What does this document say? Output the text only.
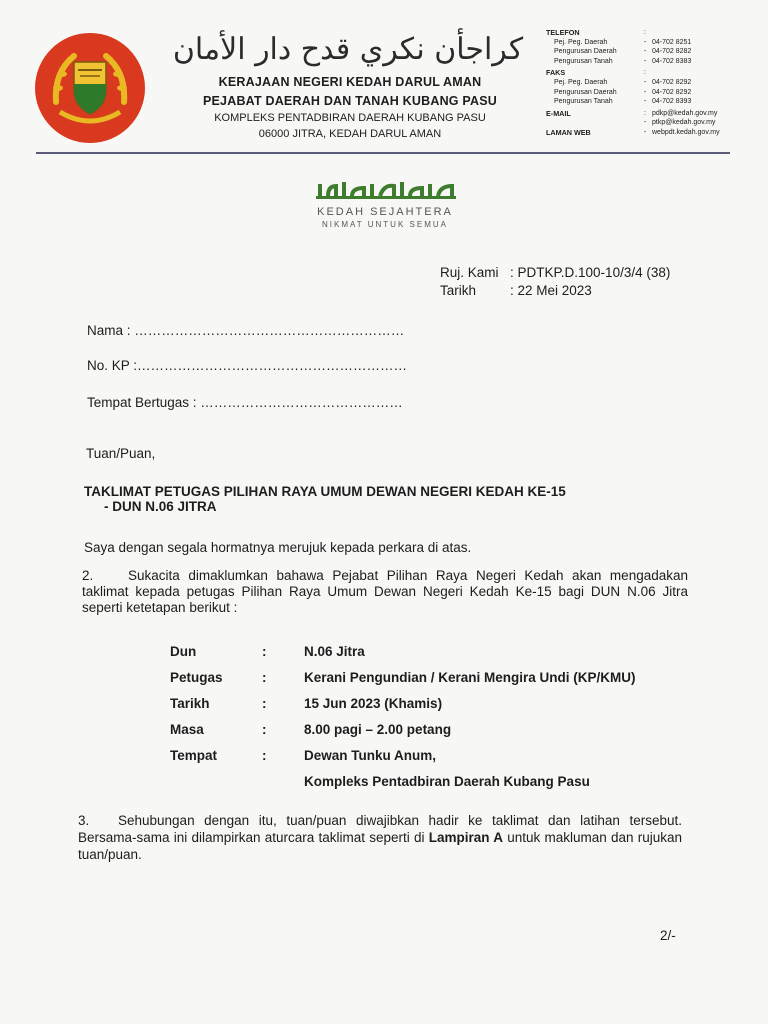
كراجأن نكري قدح دار الأمان
KERAJAAN NEGERI KEDAH DARUL AMAN
PEJABAT DAERAH DAN TANAH KUBANG PASU
KOMPLEKS PENTADBIRAN DAERAH KUBANG PASU
06000 JITRA, KEDAH DARUL AMAN
TELEFON	:
Pej. Peg. Daerah	- 04-702 8251
Pengurusan Daerah	- 04-702 8282
Pengurusan Tanah	- 04-702 8383
FAKS	:
Pej. Peg. Daerah	- 04-702 8292
Pengurusan Daerah	- 04-702 8292
Pengurusan Tanah	- 04-702 8393
E-MAIL	: pdkp@kedah.gov.my
- ptkp@kedah.gov.my
LAMAN WEB	- webpdt.kedah.gov.my
KEDAH SEJAHTERA
NIKMAT UNTUK SEMUA
Ruj. Kami : PDTKP.D.100-10/3/4 (38)
Tarikh	: 22 Mei 2023
Nama : ……………………………………………………
No. KP :……………………………………………………
Tempat Bertugas : ………………………………………
Tuan/Puan,
TAKLIMAT PETUGAS PILIHAN RAYA UMUM DEWAN NEGERI KEDAH KE-15
- DUN N.06 JITRA
Saya dengan segala hormatnya merujuk kepada perkara di atas.
2.	Sukacita dimaklumkan bahawa Pejabat Pilihan Raya Negeri Kedah akan mengadakan taklimat kepada petugas Pilihan Raya Umum Dewan Negeri Kedah Ke-15 bagi DUN N.06 Jitra seperti ketetapan berikut :
Dun	:	N.06 Jitra
Petugas	:	Kerani Pengundian / Kerani Mengira Undi (KP/KMU)
Tarikh	:	15 Jun 2023 (Khamis)
Masa	:	8.00 pagi – 2.00 petang
Tempat	:	Dewan Tunku Anum,
Kompleks Pentadbiran Daerah Kubang Pasu
3. Sehubungan dengan itu, tuan/puan diwajibkan hadir ke taklimat dan latihan tersebut. Bersama-sama ini dilampirkan aturcara taklimat seperti di Lampiran A untuk makluman dan rujukan tuan/puan.
2/-
